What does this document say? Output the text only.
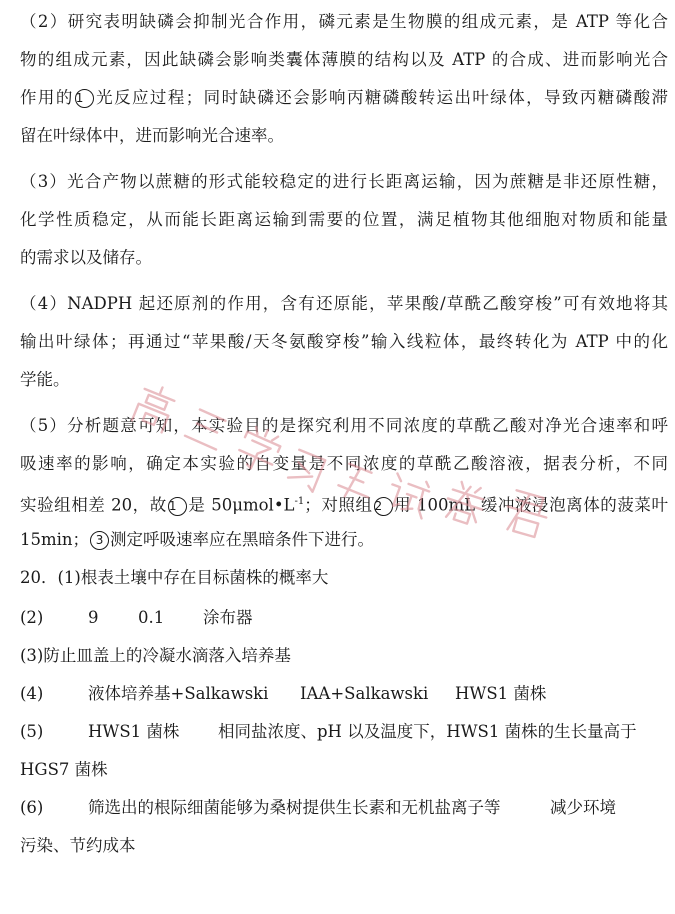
（2）研究表明缺磷会抑制光合作用，磷元素是生物膜的组成元素，是 ATP 等化合
物的组成元素，因此缺磷会影响类囊体薄膜的结构以及 ATP 的合成、进而影响光合
作用的 1 光反应过程；同时缺磷还会影响丙糖磷酸转运出叶绿体，导致丙糖磷酸滞
留在叶绿体中，进而影响光合速率。
（3）光合产物以蔗糖的形式能较稳定的进行长距离运输，因为蔗糖是非还原性糖，
化学性质稳定，从而能长距离运输到需要的位置，满足植物其他细胞对物质和能量
的需求以及储存。
（4）NADPH 起还原剂的作用，含有还原能，苹果酸/草酰乙酸穿梭”可有效地将其
输出叶绿体；再通过“苹果酸/天冬氨酸穿梭”输入线粒体，最终转化为 ATP 中的化
学能。
（5）分析题意可知，本实验目的是探究利用不同浓度的草酰乙酸对净光合速率和呼
吸速率的影响，确定本实验的自变量是不同浓度的草酰乙酸溶液，据表分析，不同
实验组相差 20，故 1 是 $50\mu mol•L^{-1}$；对照组 2 用 100mL 缓冲液浸泡离体的菠菜叶
15min； 3 测定呼吸速率应在黑暗条件下进行。
20．(1)根表土壤中存在目标菌株的概率大
(2)	9	0.1	涂布器
(3)防止皿盖上的冷凝水滴落入培养基
(4)	液体培养基+Salkawski	IAA+Salkawski	HWS1 菌株
(5)	HWS1 菌株	相同盐浓度、pH 以及温度下，HWS1 菌株的生长量高于
HGS7 菌株
(6)	筛选出的根际细菌能够为桑树提供生长素和无机盐离子等	减少环境
污染、节约成本
